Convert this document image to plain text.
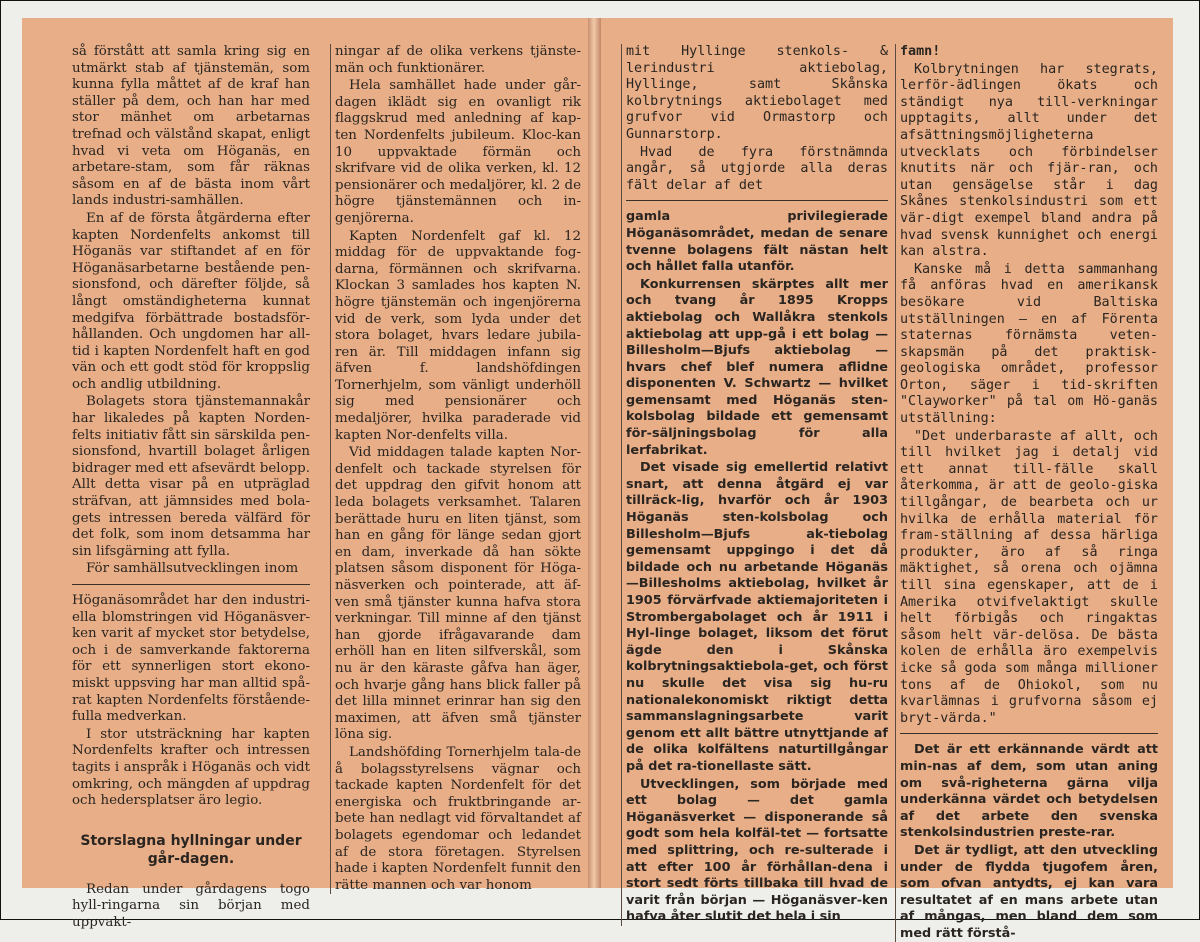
så förstått att samla kring sig en utmärkt stab af tjänstemän, som kunna fylla måttet af de kraf han ställer på dem, och han har med stor mänhet om arbetarnas trefnad och välstånd skapat, enligt hvad vi veta om Höganäs, en arbetare-stam, som får räknas såsom en af de bästa inom vårt lands industri-samhällen.

En af de första åtgärderna efter kapten Nordenfelts ankomst till Höganäs var stiftandet af en för Höganäsarbetarne bestående pen-sionsfond, och därefter följde, så långt omständigheterna kunnat medgifva förbättrade bostadsför-hållanden. Och ungdomen har all-tid i kapten Nordenfelt haft en god vän och ett godt stöd för kroppslig och andlig utbildning.

Bolagets stora tjänstemannakår har likaledes på kapten Norden-felts initiativ fått sin särskilda pen-sionsfond, hvartill bolaget årligen bidrager med ett afsevärdt belopp. Allt detta visar på en utpräglad sträfvan, att jämnsides med bola-gets intressen bereda välfärd för det folk, som inom detsamma har sin lifsgärning att fylla.

För samhällsutvecklingen inom

Höganäsområdet har den industri-ella blomstringen vid Höganäsver-ken varit af mycket stor betydelse, och i de samverkande faktorerna för ett synnerligen stort ekono-miskt uppsving har man alltid spå-rat kapten Nordenfelts förstående-fulla medverkan.

I stor utsträckning har kapten Nordenfelts krafter och intressen tagits i anspråk i Höganäs och vidt omkring, och mängden af uppdrag och hedersplatser äro legio.

Storslagna hyllningar under går-dagen.

Redan under gårdagens togo hyll-ringarna sin början med uppvakt-

ningar af de olika verkens tjänste-män och funktionärer.

Hela samhället hade under går-dagen iklädt sig en ovanligt rik flaggskrud med anledning af kap-ten Nordenfelts jubileum. Kloc-kan 10 uppvaktade förmän och skrifvare vid de olika verken, kl. 12 pensionärer och medaljörer, kl. 2 de högre tjänstemännen och in-genjörerna.

Kapten Nordenfelt gaf kl. 12 middag för de uppvaktande fog-darna, förmännen och skrifvarna. Klockan 3 samlades hos kapten N. högre tjänstemän och ingenjörerna vid de verk, som lyda under det stora bolaget, hvars ledare jubila-ren är. Till middagen infann sig äfven f. landshöfdingen Tornerhjelm, som vänligt underhöll sig med pensionärer och medaljörer, hvilka paraderade vid kapten Nor-denfelts villa.

Vid middagen talade kapten Nor-denfelt och tackade styrelsen för det uppdrag den gifvit honom att leda bolagets verksamhet. Talaren berättade huru en liten tjänst, som han en gång för länge sedan gjort en dam, inverkade då han sökte platsen såsom disponent för Höga-näsverken och pointerade, att äf-ven små tjänster kunna hafva stora verkningar. Till minne af den tjänst han gjorde ifrågavarande dam erhöll han en liten silfverskål, som nu är den käraste gåfva han äger, och hvarje gång hans blick faller på det lilla minnet erinrar han sig den maximen, att äfven små tjänster löna sig.

Landshöfding Tornerhjelm tala-de å bolagsstyrelsens vägnar och tackade kapten Nordenfelt för det energiska och fruktbringande ar-bete han nedlagt vid förvaltandet af bolagets egendomar och ledandet af de stora företagen. Styrelsen hade i kapten Nordenfelt funnit den rätte mannen och var honom

mit Hyllinge stenkols- & lerindustri aktiebolag, Hyllinge, samt Skånska kolbrytnings aktiebolaget med grufvor vid Ormastorp och Gunnarstorp.

Hvad de fyra förstnämnda angår, så utgjorde alla deras fält delar af det

gamla privilegierade Höganäsområdet, medan de senare tvenne bolagens fält nästan helt och hållet falla utanför.

Konkurrensen skärptes allt mer och tvang år 1895 Kropps aktiebolag och Wallåkra stenkols aktiebolag att upp-gå i ett bolag — Billesholm—Bjufs aktiebolag — hvars chef blef numera aflidne disponenten V. Schwartz — hvilket gemensamt med Höganäs sten-kolsbolag bildade ett gemensamt för-säljningsbolag för alla lerfabrikat.

Det visade sig emellertid relativt snart, att denna åtgärd ej var tillräck-lig, hvarför och år 1903 Höganäs sten-kolsbolag och Billesholm—Bjufs ak-tiebolag gemensamt uppgingo i det då bildade och nu arbetande Höganäs—Billesholms aktiebolag, hvilket år 1905 förvärfvade aktiemajoriteten i Strombergabolaget och år 1911 i Hyl-linge bolaget, liksom det förut ägde den i Skånska kolbrytningsaktiebola-get, och först nu skulle det visa sig hu-ru nationalekonomiskt riktigt detta sammanslagningsarbete varit genom ett allt bättre utnyttjande af de olika kolfältens naturtillgångar på det ra-tionellaste sätt.

Utvecklingen, som började med ett bolag — det gamla Höganäsverket — disponerande så godt som hela kolfäl-tet — fortsatte med splittring, och re-sulterade i att efter 100 år förhållan-dena i stort sedt förts tillbaka till hvad de varit från början — Höganäsver-ken hafva åter slutit det hela i sin

famn!

Kolbrytningen har stegrats, lerför-ädlingen ökats och ständigt nya till-verkningar upptagits, allt under det afsättningsmöjligheterna utvecklats och förbindelser knutits när och fjär-ran, och utan gensägelse står i dag Skånes stenkolsindustri som ett vär-digt exempel bland andra på hvad svensk kunnighet och energi kan alstra.

Kanske må i detta sammanhang få anföras hvad en amerikansk besökare vid Baltiska utställningen — en af Förenta staternas förnämsta veten-skapsmän på det praktisk-geologiska området, professor Orton, säger i tid-skriften "Clayworker" på tal om Hö-ganäs utställning:

"Det underbaraste af allt, och till hvilket jag i detalj vid ett annat till-fälle skall återkomma, är att de geolo-giska tillgångar, de bearbeta och ur hvilka de erhålla material för fram-ställning af dessa härliga produkter, äro af så ringa mäktighet, så orena och ojämna till sina egenskaper, att de i Amerika otvifvelaktigt skulle helt förbigås och ringaktas såsom helt vär-delösa. De bästa kolen de erhålla äro exempelvis icke så goda som många millioner tons af de Ohiokol, som nu kvarlämnas i grufvorna såsom ej bryt-värda."

Det är ett erkännande värdt att min-nas af dem, som utan aning om svå-righeterna gärna vilja underkänna värdet och betydelsen af det arbete den svenska stenkolsindustrien preste-rar.

Det är tydligt, att den utveckling under de flydda tjugofem åren, som ofvan antydts, ej kan vara resultatet af en mans arbete utan af mångas, men bland dem som med rätt förstå-
